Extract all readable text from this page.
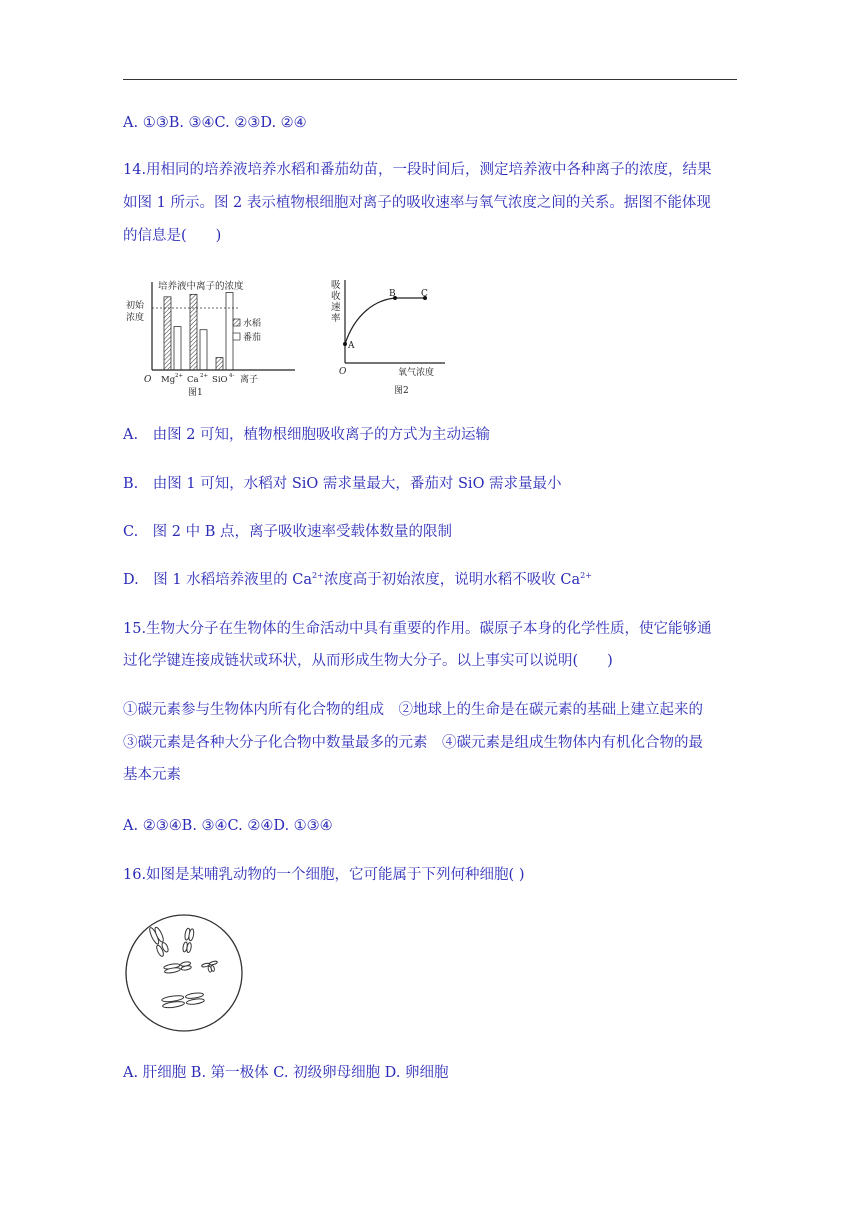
A. ①③B. ③④C. ②③D. ②④
14.用相同的培养液培养水稻和番茄幼苗，一段时间后，测定培养液中各种离子的浓度，结果
如图 1 所示。图 2 表示植物根细胞对离子的吸收速率与氧气浓度之间的关系。据图不能体现
的信息是(　　)
培养液中离子的浓度
初始
浓度
水稻
番茄
O Mg 2+ Ca 2+ SiO 4- 离子
图1
吸
收
速
率
A
B	C
O	氧气浓度
图2
A.　由图 2 可知，植物根细胞吸收离子的方式为主动运输
B.　由图 1 可知，水稻对 SiO 需求量最大，番茄对 SiO 需求量最小
C.　图 2 中 B 点，离子吸收速率受载体数量的限制
D.　图 1 水稻培养液里的 $Ca^{2+}$浓度高于初始浓度，说明水稻不吸收 $Ca^{2+}$
15.生物大分子在生物体的生命活动中具有重要的作用。碳原子本身的化学性质，使它能够通
过化学键连接成链状或环状，从而形成生物大分子。以上事实可以说明(　　)
①碳元素参与生物体内所有化合物的组成　②地球上的生命是在碳元素的基础上建立起来的
③碳元素是各种大分子化合物中数量最多的元素　④碳元素是组成生物体内有机化合物的最
基本元素
A. ②③④B. ③④C. ②④D. ①③④
16.如图是某哺乳动物的一个细胞，它可能属于下列何种细胞( )
A. 肝细胞 B. 第一极体 C. 初级卵母细胞 D. 卵细胞
